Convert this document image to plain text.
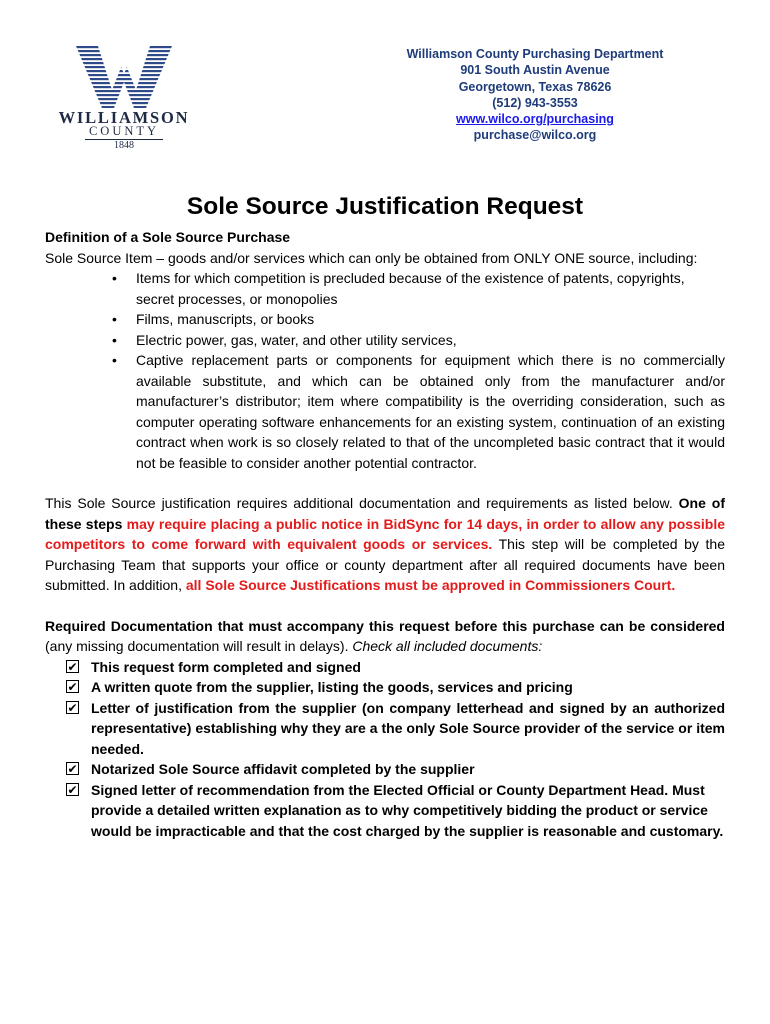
WILLIAMSON
COUNTY
1848
Williamson County Purchasing Department
901 South Austin Avenue
Georgetown, Texas 78626
(512) 943-3553
www.wilco.org/purchasing
purchase@wilco.org
Sole Source Justification Request

Definition of a Sole Source Purchase

Sole Source Item – goods and/or services which can only be obtained from ONLY ONE source, including:

• Items for which competition is precluded because of the existence of patents, copyrights, secret processes, or monopolies
• Films, manuscripts, or books
• Electric power, gas, water, and other utility services,
• Captive replacement parts or components for equipment which there is no commercially available substitute, and which can be obtained only from the manufacturer and/or manufacturer’s distributor; item where compatibility is the overriding consideration, such as computer operating software enhancements for an existing system, continuation of an existing contract when work is so closely related to that of the uncompleted basic contract that it would not be feasible to consider another potential contractor.

This Sole Source justification requires additional documentation and requirements as listed below. One of these steps may require placing a public notice in BidSync for 14 days, in order to allow any possible competitors to come forward with equivalent goods or services. This step will be completed by the Purchasing Team that supports your office or county department after all required documents have been submitted. In addition, all Sole Source Justifications must be approved in Commissioners Court.

Required Documentation that must accompany this request before this purchase can be considered (any missing documentation will result in delays). Check all included documents:

✔ This request form completed and signed
✔ A written quote from the supplier, listing the goods, services and pricing
✔ Letter of justification from the supplier (on company letterhead and signed by an authorized representative) establishing why they are a the only Sole Source provider of the service or item needed.
✔ Notarized Sole Source affidavit completed by the supplier
✔ Signed letter of recommendation from the Elected Official or County Department Head. Must provide a detailed written explanation as to why competitively bidding the product or service would be impracticable and that the cost charged by the supplier is reasonable and customary.
